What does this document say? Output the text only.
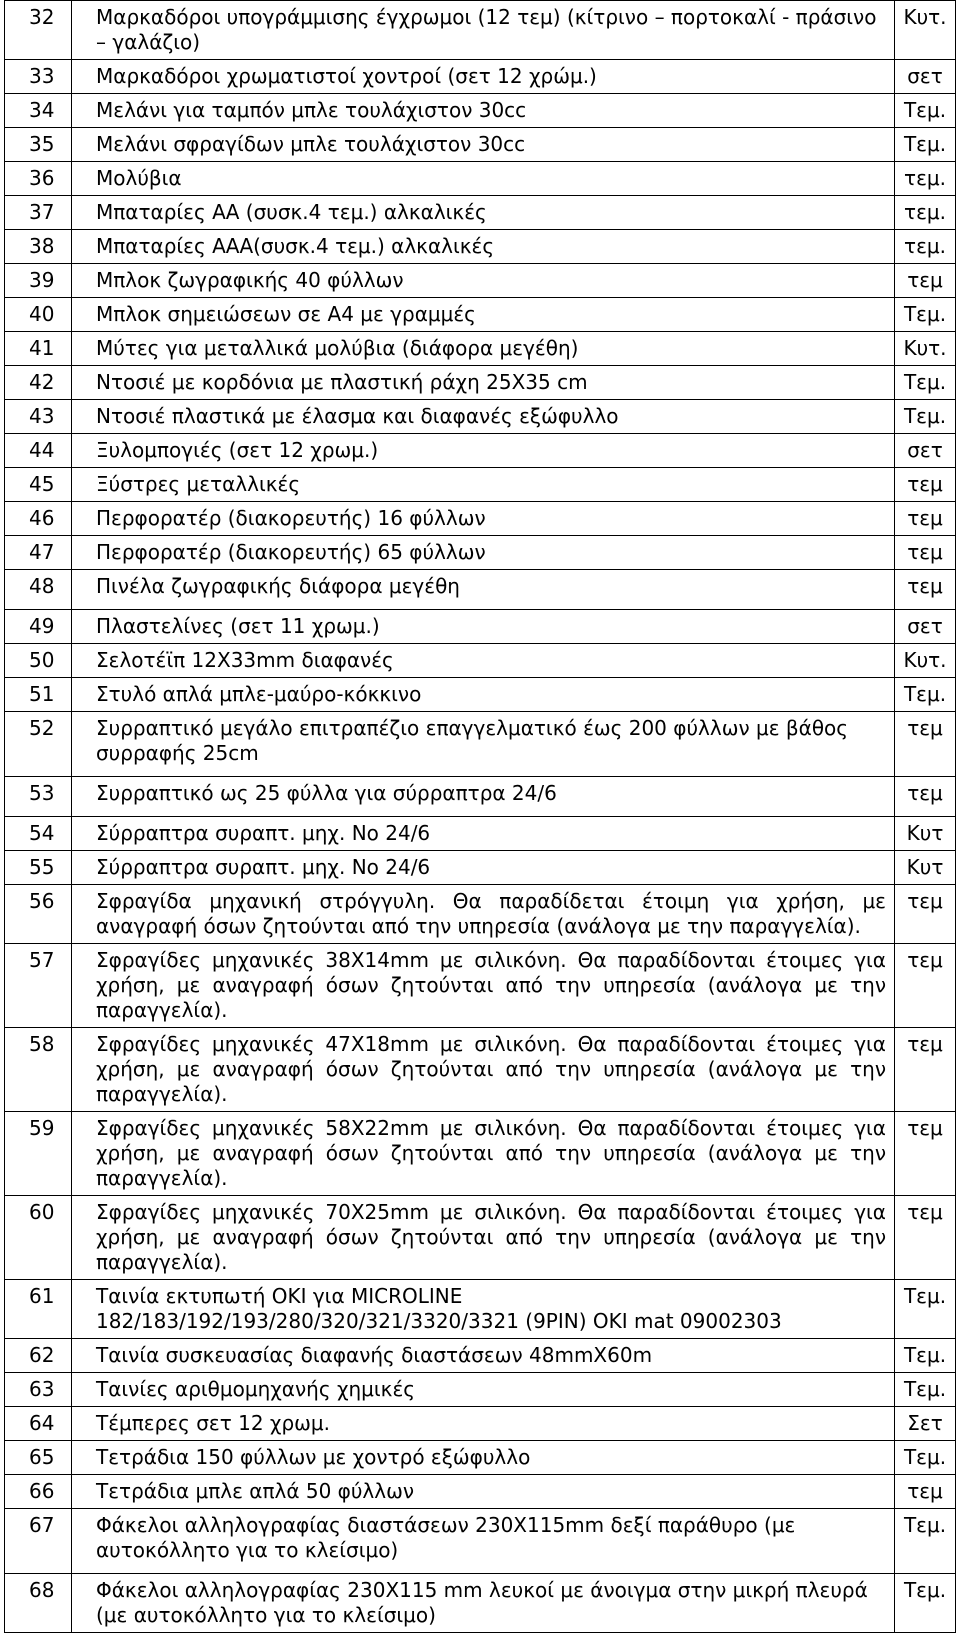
32	Μαρκαδόροι υπογράμμισης έγχρωμοι (12 τεμ) (κίτρινο – πορτοκαλί - πράσινο – γαλάζιο)	Κυτ.
33	Μαρκαδόροι χρωματιστοί χοντροί (σετ 12 χρώμ.)	σετ
34	Μελάνι για ταμπόν μπλε τουλάχιστον 30cc	Τεμ.
35	Μελάνι σφραγίδων μπλε τουλάχιστον 30cc	Τεμ.
36	Μολύβια	τεμ.
37	Μπαταρίες ΑΑ (συσκ.4 τεμ.) αλκαλικές	τεμ.
38	Μπαταρίες ΑΑΑ(συσκ.4 τεμ.) αλκαλικές	τεμ.
39	Μπλοκ ζωγραφικής 40 φύλλων	τεμ
40	Μπλοκ σημειώσεων σε Α4 με γραμμές	Τεμ.
41	Μύτες για μεταλλικά μολύβια (διάφορα μεγέθη)	Κυτ.
42	Ντοσιέ με κορδόνια με πλαστική ράχη 25Χ35 cm	Τεμ.
43	Ντοσιέ πλαστικά με έλασμα και διαφανές εξώφυλλο	Τεμ.
44	Ξυλομπογιές (σετ 12 χρωμ.)	σετ
45	Ξύστρες μεταλλικές	τεμ
46	Περφορατέρ (διακορευτής) 16 φύλλων	τεμ
47	Περφορατέρ (διακορευτής) 65 φύλλων	τεμ
48	Πινέλα ζωγραφικής διάφορα μεγέθη	τεμ
49	Πλαστελίνες (σετ 11 χρωμ.)	σετ
50	Σελοτέϊπ 12Χ33mm διαφανές	Κυτ.
51	Στυλό απλά μπλε-μαύρο-κόκκινο	Τεμ.
52	Συρραπτικό μεγάλο επιτραπέζιο επαγγελματικό έως 200 φύλλων με βάθος συρραφής 25cm	τεμ
53	Συρραπτικό ως 25 φύλλα για σύρραπτρα 24/6	τεμ
54	Σύρραπτρα συραπτ. μηχ. Νο 24/6	Κυτ
55	Σύρραπτρα συραπτ. μηχ. Νο 24/6	Κυτ
56	Σφραγίδα μηχανική στρόγγυλη. Θα παραδίδεται έτοιμη για χρήση, με αναγραφή όσων ζητούνται από την υπηρεσία (ανάλογα με την παραγγελία).	τεμ
57	Σφραγίδες μηχανικές 38Χ14mm με σιλικόνη. Θα παραδίδονται έτοιμες για χρήση, με αναγραφή όσων ζητούνται από την υπηρεσία (ανάλογα με την παραγγελία).	τεμ
58	Σφραγίδες μηχανικές 47Χ18mm με σιλικόνη. Θα παραδίδονται έτοιμες για χρήση, με αναγραφή όσων ζητούνται από την υπηρεσία (ανάλογα με την παραγγελία).	τεμ
59	Σφραγίδες μηχανικές 58Χ22mm με σιλικόνη. Θα παραδίδονται έτοιμες για χρήση, με αναγραφή όσων ζητούνται από την υπηρεσία (ανάλογα με την παραγγελία).	τεμ
60	Σφραγίδες μηχανικές 70Χ25mm με σιλικόνη. Θα παραδίδονται έτοιμες για χρήση, με αναγραφή όσων ζητούνται από την υπηρεσία (ανάλογα με την παραγγελία).	τεμ
61	Ταινία εκτυπωτή ΟΚΙ για MICROLINE 182/183/192/193/280/320/321/3320/3321 (9PIN) OKI mat 09002303	Τεμ.
62	Ταινία συσκευασίας διαφανής διαστάσεων 48mmX60m	Τεμ.
63	Ταινίες αριθμομηχανής χημικές	Τεμ.
64	Τέμπερες σετ 12 χρωμ.	Σετ
65	Τετράδια 150 φύλλων με χοντρό εξώφυλλο	Τεμ.
66	Τετράδια μπλε απλά 50 φύλλων	τεμ
67	Φάκελοι αλληλογραφίας διαστάσεων 230Χ115mm δεξί παράθυρο (με αυτοκόλλητο για το κλείσιμο)	Τεμ.
68	Φάκελοι αλληλογραφίας 230Χ115 mm λευκοί με άνοιγμα στην μικρή πλευρά (με αυτοκόλλητο για το κλείσιμο)	Τεμ.
